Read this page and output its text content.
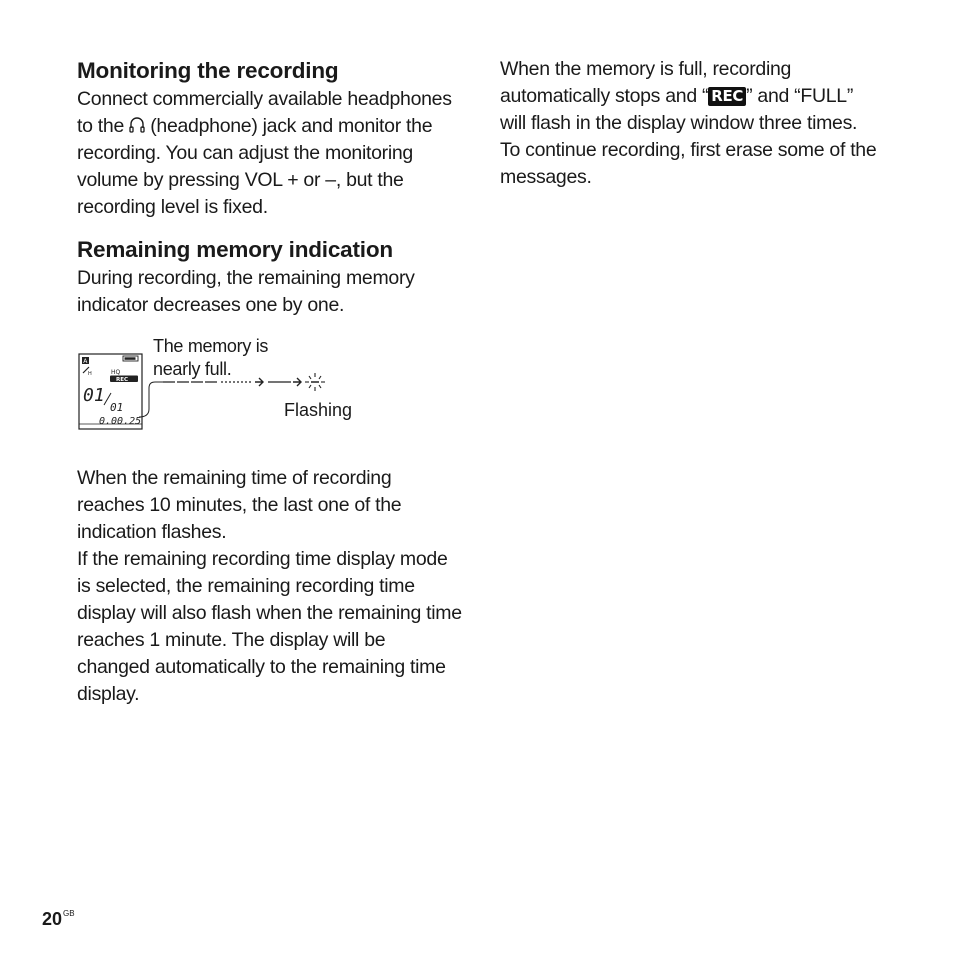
Monitoring the recording

Connect commercially available headphones to the  (headphone) jack and monitor the recording. You can adjust the monitoring volume by pressing VOL + or –, but the recording level is fixed.

Remaining memory indication

During recording, the remaining memory indicator decreases one by one.

A
H	HQ
REC
01
01
0.00.25
The memory is nearly full.
Flashing

When the remaining time of recording reaches 10 minutes, the last one of the indication flashes.

If the remaining recording time display mode is selected, the remaining recording time display will also flash when the remaining time reaches 1 minute. The display will be changed automatically to the remaining time display.

When the memory is full, recording automatically stops and “ REC ” and “FULL” will flash in the display window three times. To continue recording, first erase some of the messages.

$20^{GB}$
